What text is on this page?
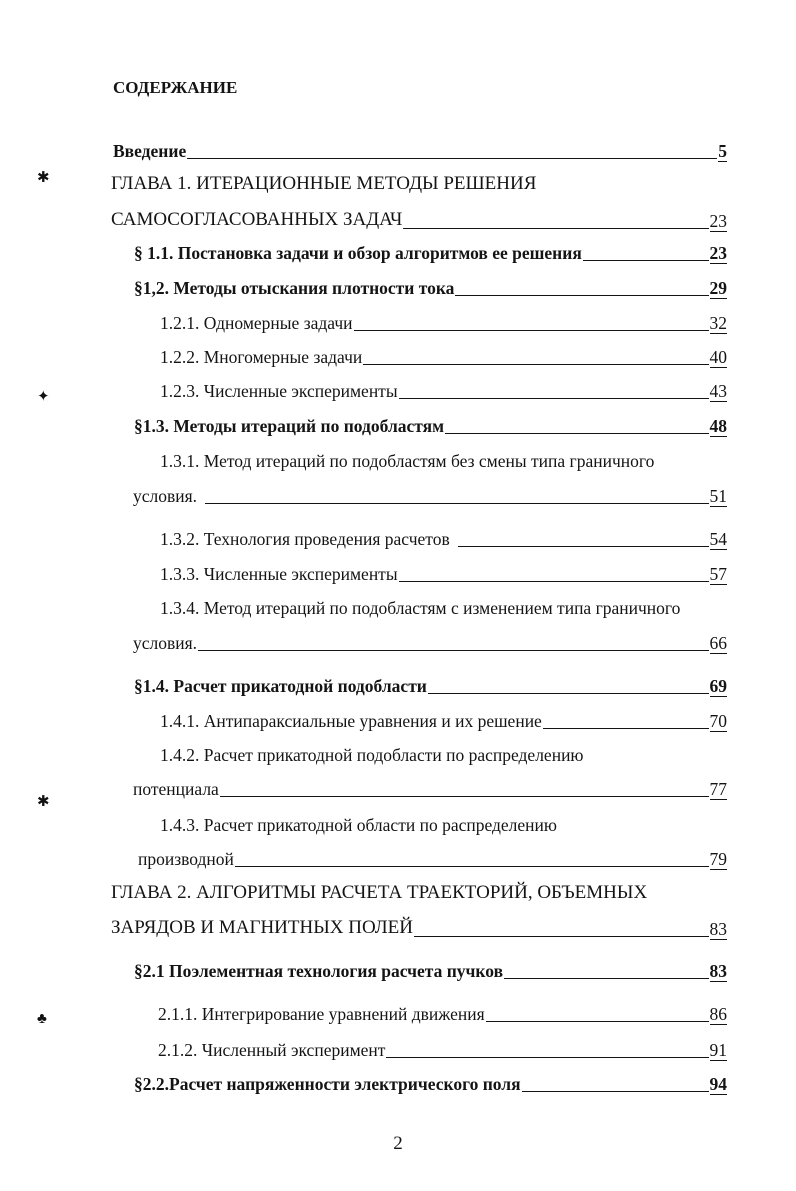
СОДЕРЖАНИЕ
Введение	5
ГЛАВА 1. ИТЕРАЦИОННЫЕ МЕТОДЫ РЕШЕНИЯ
САМОСОГЛАСОВАННЫХ ЗАДАЧ	23
§ 1.1. Постановка задачи и обзор алгоритмов ее решения	23
§1,2. Методы отыскания плотности тока	29
1.2.1. Одномерные задачи	32
1.2.2. Многомерные задачи	40
1.2.3. Численные эксперименты	43
§1.3. Методы итераций по подобластям	48
1.3.1. Метод итераций по подобластям без смены типа граничного
условия.	51
1.3.2. Технология проведения расчетов	54
1.3.3. Численные эксперименты	57
1.3.4. Метод итераций по подобластям с изменением типа граничного
условия.	66
§1.4. Расчет прикатодной подобласти	69
1.4.1. Антипараксиальные уравнения и их решение	70
1.4.2. Расчет прикатодной подобласти по распределению
потенциала	77
1.4.3. Расчет прикатодной области по распределению
производной	79
ГЛАВА 2. АЛГОРИТМЫ РАСЧЕТА ТРАЕКТОРИЙ, ОБЪЕМНЫХ
ЗАРЯДОВ И МАГНИТНЫХ ПОЛЕЙ	83
§2.1 Поэлементная технология расчета пучков	83
2.1.1. Интегрирование уравнений движения	86
2.1.2. Численный эксперимент	91
§2.2.Расчет напряженности электрического поля	94
2
✱
✦
✱
♣
